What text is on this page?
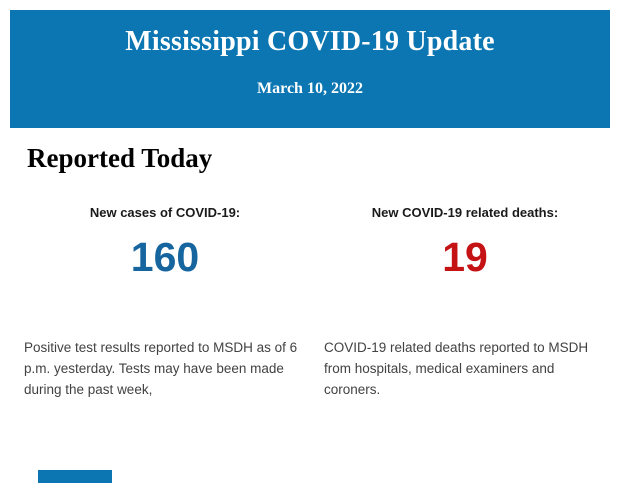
Mississippi COVID-19 Update
March 10, 2022
Reported Today
New cases of COVID-19:
160
Positive test results reported to MSDH as of 6 p.m. yesterday. Tests may have been made during the past week,
New COVID-19 related deaths:
19
COVID-19 related deaths reported to MSDH from hospitals, medical examiners and coroners.
